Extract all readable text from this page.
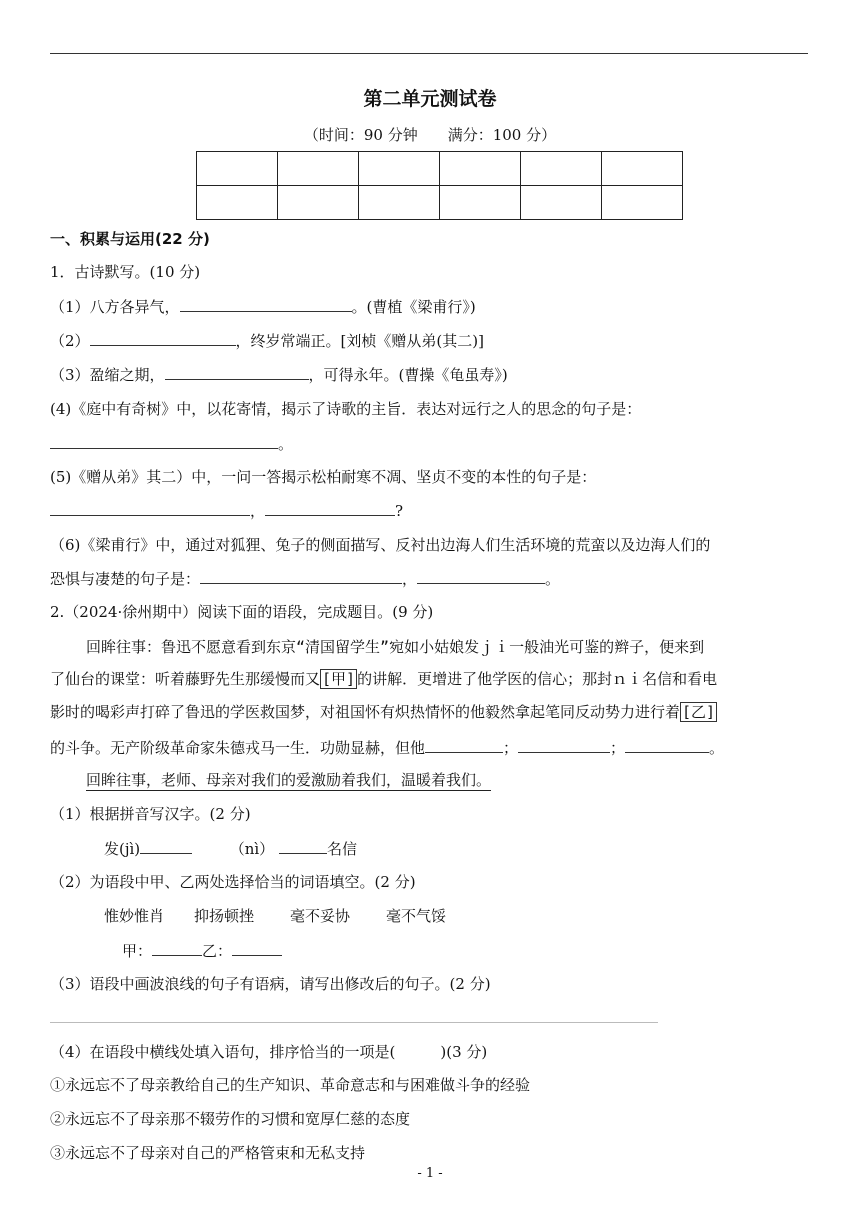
第二单元测试卷
（时间：90 分钟　　满分：100 分）

一、积累与运用(22 分)
1．古诗默写。(10 分)
（1）八方各异气，	。(曹植《梁甫行》)
（2）	，终岁常端正。[刘桢《赠从弟(其二)]
（3）盈缩之期，	，可得永年。(曹操《龟虽寿》)
(4)《庭中有奇树》中，以花寄情，揭示了诗歌的主旨．表达对远行之人的思念的句子是：
。
(5)《赠从弟》其二）中，一问一答揭示松柏耐寒不凋、坚贞不变的本性的句子是：
，	?
（6)《梁甫行》中，通过对狐狸、兔子的侧面描写、反衬出边海人们生活环境的荒蛮以及边海人们的
恐惧与凄楚的句子是：	，	。
2.（2024·徐州期中）阅读下面的语段，完成题目。(9 分)
回眸往事：鲁迅不愿意看到东京“清国留学生”宛如小姑娘发ｊｉ一般油光可鉴的辫子，便来到
了仙台的课堂：听着藤野先生那缓慢而又 [甲] 的讲解．更增进了他学医的信心；那封ｎｉ名信和看电
影时的喝彩声打碎了鲁迅的学医救国梦，对祖国怀有炽热情怀的他毅然拿起笔同反动势力进行着 [乙]
的斗争。无产阶级革命家朱德戎马一生．功勋显赫，但他	；	；	。
回眸往事，老师、母亲对我们的爱激励着我们，温暖着我们。
（1）根据拼音写汉字。(2 分)
发(jì)	（nì）	名信
（2）为语段中甲、乙两处选择恰当的词语填空。(2 分)
惟妙惟肖 抑扬顿挫 毫不妥协 毫不气馁
甲：	乙：
（3）语段中画波浪线的句子有语病，请写出修改后的句子。(2 分)
（4）在语段中横线处填入语句，排序恰当的一项是(　　　)(3 分)
①永远忘不了母亲教给自己的生产知识、革命意志和与困难做斗争的经验
②永远忘不了母亲那不辍劳作的习惯和宽厚仁慈的态度
③永远忘不了母亲对自己的严格管束和无私支持
- 1 -
